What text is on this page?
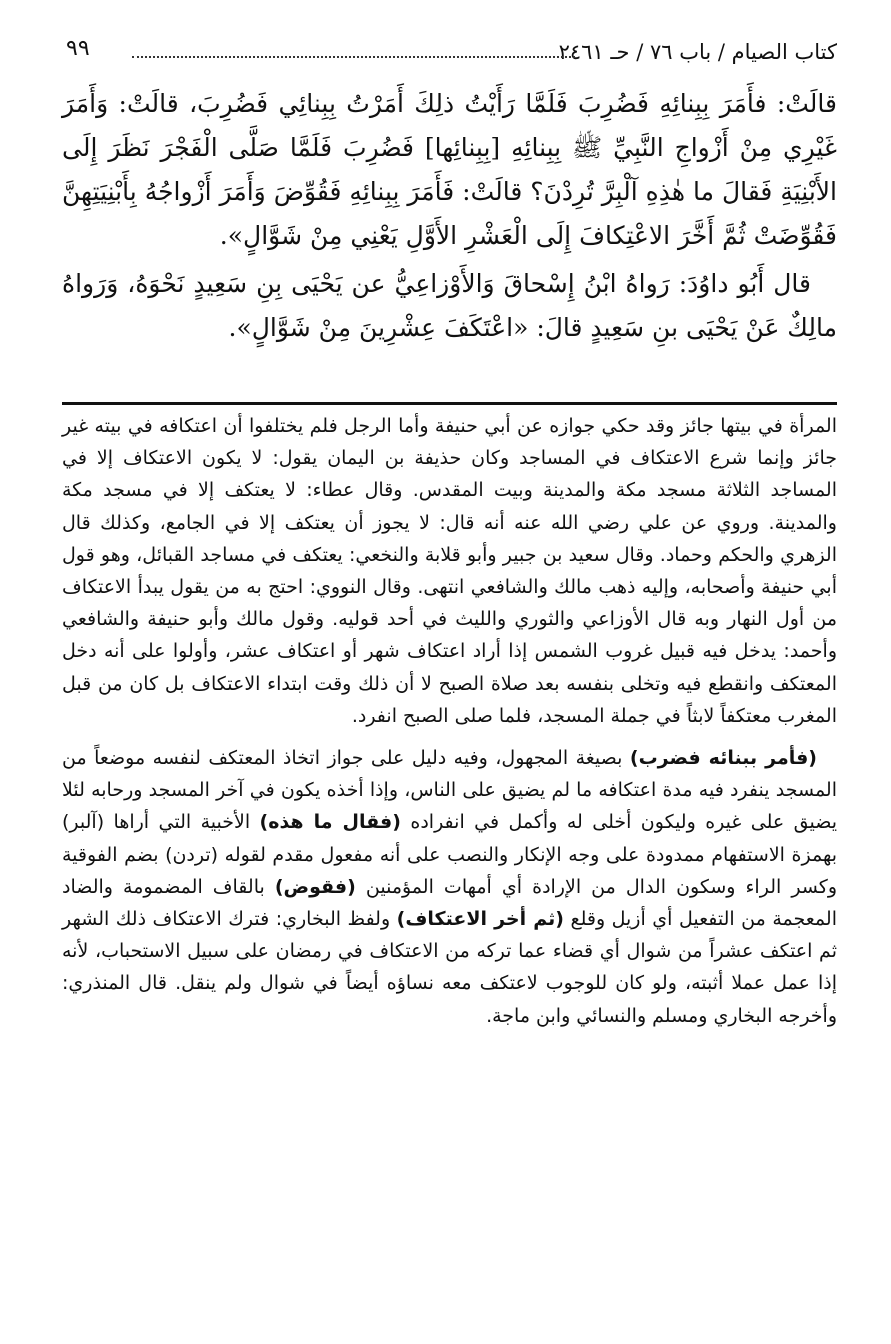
كتاب الصيام / باب ٧٦ / حـ ٢٤٦١
٩٩

قالَتْ: فأَمَرَ بِبِنائِهِ فَضُرِبَ فَلَمَّا رَأَيْتُ ذلِكَ أَمَرْتُ بِبِنائِي فَضُرِبَ، قالَتْ: وَأَمَرَ غَيْرِي مِنْ أَزْواجِ النَّبِيِّ ﷺ بِبِنائِهِ [بِبِنائِها] فَضُرِبَ فَلَمَّا صَلَّى الْفَجْرَ نَظَرَ إِلَى الأَبْنِيَةِ فَقالَ ما هٰذِهِ آلْبِرَّ تُرِدْنَ؟ قالَتْ: فَأَمَرَ بِبِنائِهِ فَقُوِّضَ وَأَمَرَ أَزْواجُهُ بِأَبْنِيَتِهِنَّ فَقُوِّضَتْ ثُمَّ أَخَّرَ الاعْتِكافَ إِلَى الْعَشْرِ الأَوَّلِ يَعْنِي مِنْ شَوَّالٍ».

قال أَبُو داوُدَ: رَواهُ ابْنُ إِسْحاقَ وَالأَوْزاعِيُّ عن يَحْيَى بِنِ سَعِيدٍ نَحْوَهُ، وَرَواهُ مالِكٌ عَنْ يَحْيَى بنِ سَعِيدٍ قالَ: «اعْتَكَفَ عِشْرِينَ مِنْ شَوَّالٍ».

المرأة في بيتها جائز وقد حكي جوازه عن أبي حنيفة وأما الرجل فلم يختلفوا أن اعتكافه في بيته غير جائز وإنما شرع الاعتكاف في المساجد وكان حذيفة بن اليمان يقول: لا يكون الاعتكاف إلا في المساجد الثلاثة مسجد مكة والمدينة وبيت المقدس. وقال عطاء: لا يعتكف إلا في مسجد مكة والمدينة. وروي عن علي رضي الله عنه أنه قال: لا يجوز أن يعتكف إلا في الجامع، وكذلك قال الزهري والحكم وحماد. وقال سعيد بن جبير وأبو قلابة والنخعي: يعتكف في مساجد القبائل، وهو قول أبي حنيفة وأصحابه، وإليه ذهب مالك والشافعي انتهى. وقال النووي: احتج به من يقول يبدأ الاعتكاف من أول النهار وبه قال الأوزاعي والثوري والليث في أحد قوليه. وقول مالك وأبو حنيفة والشافعي وأحمد: يدخل فيه قبيل غروب الشمس إذا أراد اعتكاف شهر أو اعتكاف عشر، وأولوا على أنه دخل المعتكف وانقطع فيه وتخلى بنفسه بعد صلاة الصبح لا أن ذلك وقت ابتداء الاعتكاف بل كان من قبل المغرب معتكفاً لابثاً في جملة المسجد، فلما صلى الصبح انفرد.

(فأمر ببنائه فضرب) بصيغة المجهول، وفيه دليل على جواز اتخاذ المعتكف لنفسه موضعاً من المسجد ينفرد فيه مدة اعتكافه ما لم يضيق على الناس، وإذا أخذه يكون في آخر المسجد ورحابه لئلا يضيق على غيره وليكون أخلى له وأكمل في انفراده (فقال ما هذه) الأخبية التي أراها (آلبر) بهمزة الاستفهام ممدودة على وجه الإنكار والنصب على أنه مفعول مقدم لقوله (تردن) بضم الفوقية وكسر الراء وسكون الدال من الإرادة أي أمهات المؤمنين (فقوض) بالقاف المضمومة والضاد المعجمة من التفعيل أي أزيل وقلع (ثم أخر الاعتكاف) ولفظ البخاري: فترك الاعتكاف ذلك الشهر ثم اعتكف عشراً من شوال أي قضاء عما تركه من الاعتكاف في رمضان على سبيل الاستحباب، لأنه إذا عمل عملا أثبته، ولو كان للوجوب لاعتكف معه نساؤه أيضاً في شوال ولم ينقل. قال المنذري: وأخرجه البخاري ومسلم والنسائي وابن ماجة.
